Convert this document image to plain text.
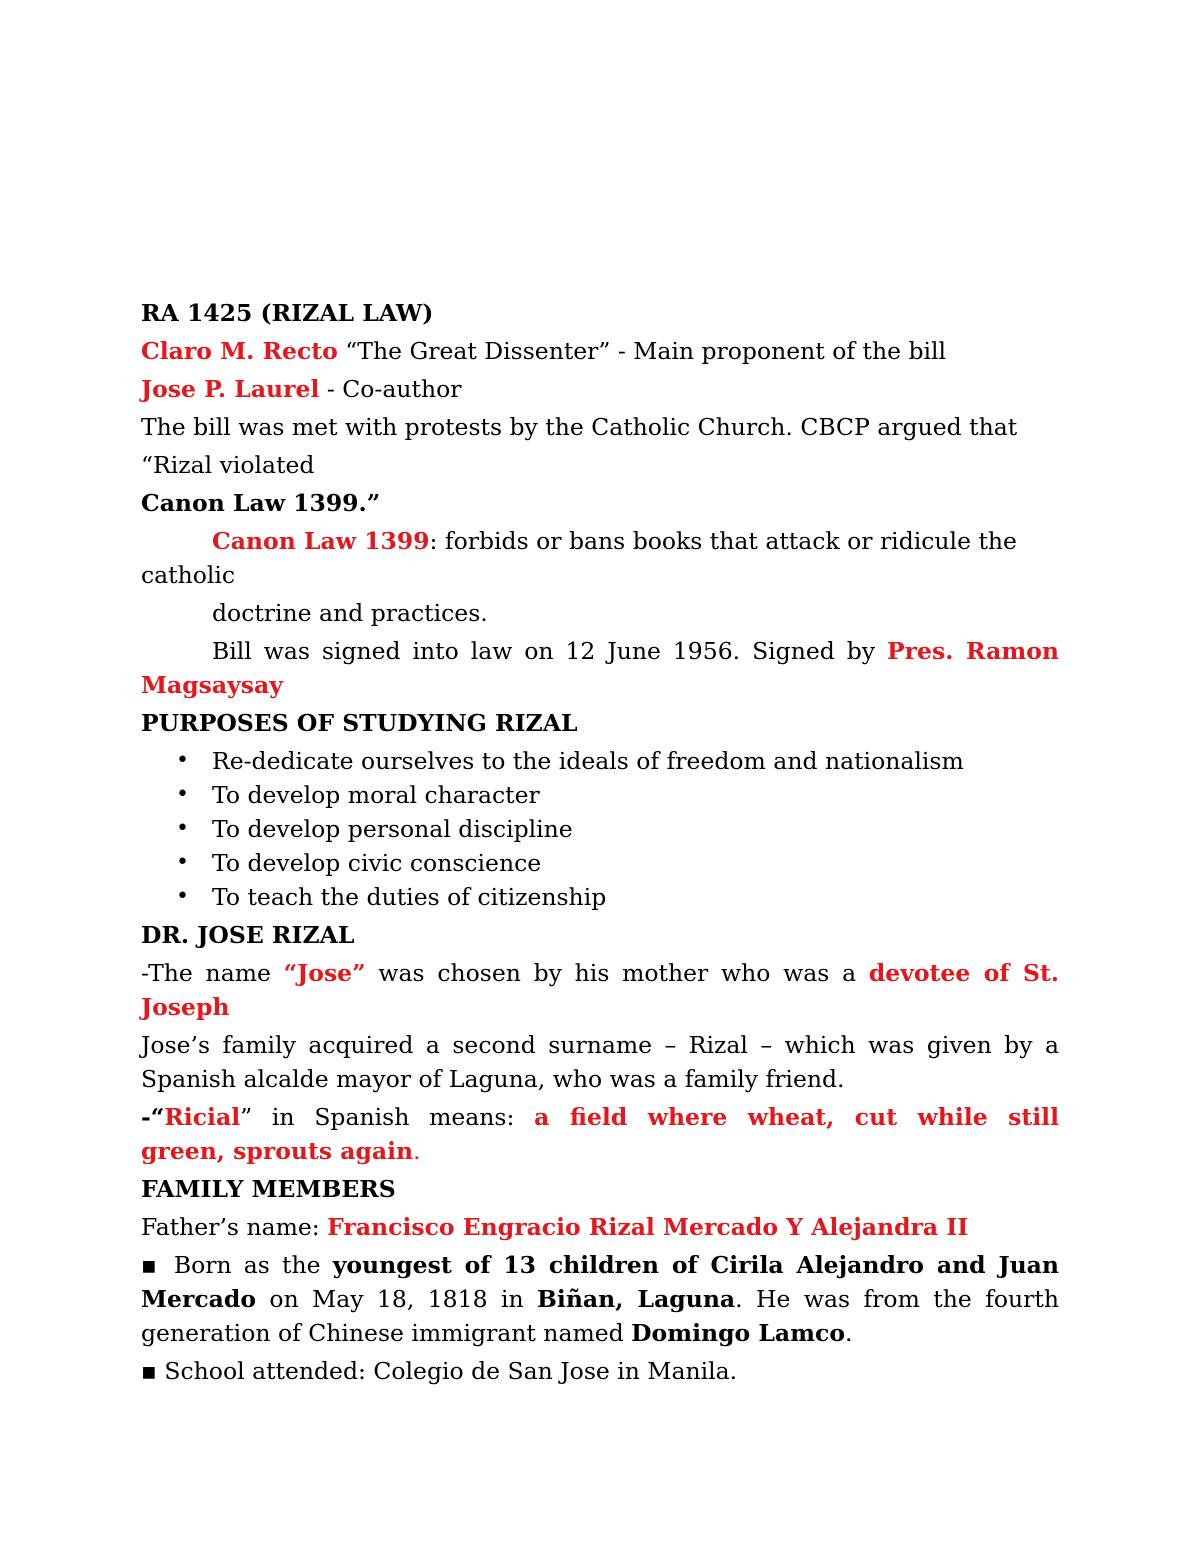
RA 1425 (RIZAL LAW)
Claro M. Recto “The Great Dissenter” - Main proponent of the bill
Jose P. Laurel - Co-author
The bill was met with protests by the Catholic Church. CBCP argued that
“Rizal violated
Canon Law 1399.”
Canon Law 1399: forbids or bans books that attack or ridicule the
catholic
doctrine and practices.
Bill was signed into law on 12 June 1956. Signed by Pres. Ramon
Magsaysay
PURPOSES OF STUDYING RIZAL
• Re-dedicate ourselves to the ideals of freedom and nationalism
• To develop moral character
• To develop personal discipline
• To develop civic conscience
• To teach the duties of citizenship
DR. JOSE RIZAL
-The name “Jose” was chosen by his mother who was a devotee of St.
Joseph
Jose’s family acquired a second surname – Rizal – which was given by a
Spanish alcalde mayor of Laguna, who was a family friend.
-“Ricial” in Spanish means: a field where wheat, cut while still
green, sprouts again.
FAMILY MEMBERS
Father’s name: Francisco Engracio Rizal Mercado Y Alejandra II
▪ Born as the youngest of 13 children of Cirila Alejandro and Juan
Mercado on May 18, 1818 in Biñan, Laguna. He was from the fourth
generation of Chinese immigrant named Domingo Lamco.
▪ School attended: Colegio de San Jose in Manila.
